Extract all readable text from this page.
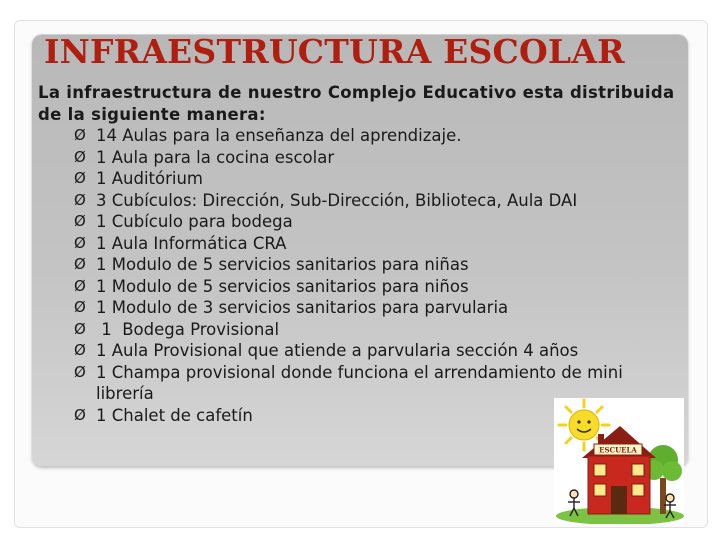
INFRAESTRUCTURA ESCOLAR
La infraestructura de nuestro Complejo Educativo esta distribuida de la siguiente manera:
Ø 14 Aulas para la enseñanza del aprendizaje.
Ø 1 Aula para la cocina escolar
Ø 1 Auditórium
Ø 3 Cubículos: Dirección, Sub-Dirección, Biblioteca, Aula DAI
Ø 1 Cubículo para bodega
Ø 1 Aula Informática CRA
Ø 1 Modulo de 5 servicios sanitarios para niñas
Ø 1 Modulo de 5 servicios sanitarios para niños
Ø 1 Modulo de 3 servicios sanitarios para parvularia
Ø 1  Bodega Provisional
Ø 1 Aula Provisional que atiende a parvularia sección 4 años
Ø 1 Champa provisional donde funciona el arrendamiento de mini librería
Ø 1 Chalet de cafetín
ESCUELA
